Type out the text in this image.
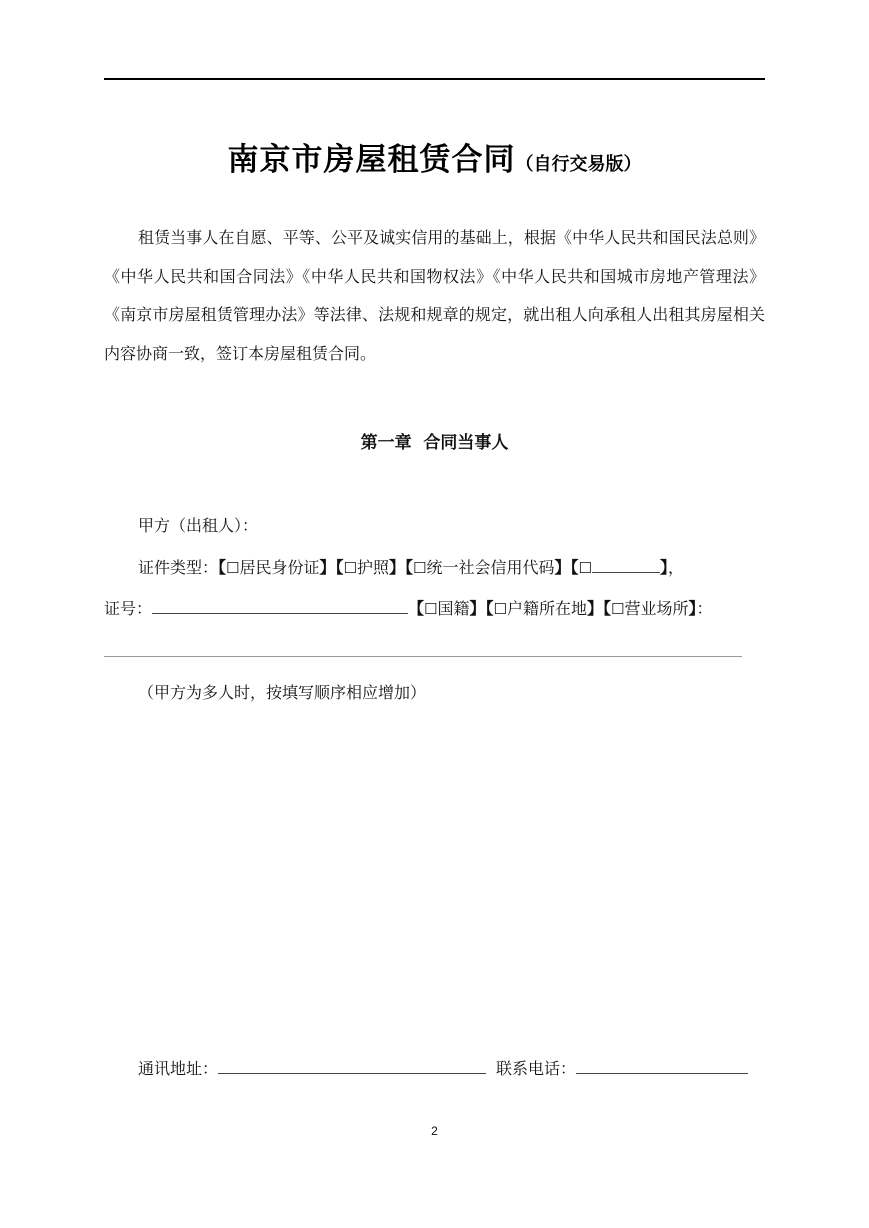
南京市房屋租赁合同（自行交易版）

租赁当事人在自愿、平等、公平及诚实信用的基础上，根据《中华人民共和国民法总则》《中华人民共和国合同法》《中华人民共和国物权法》《中华人民共和国城市房地产管理法》《南京市房屋租赁管理办法》等法律、法规和规章的规定，就出租人向承租人出租其房屋相关内容协商一致，签订本房屋租赁合同。

第一章  合同当事人
甲方（出租人）：
证件类型：【☐居民身份证】【☐护照】【☐统一社会信用代码】【☐	】，
证号：	【☐国籍】【☐户籍所在地】【☐营业场所】：
（甲方为多人时，按填写顺序相应增加）
通讯地址：	联系电话：
2
